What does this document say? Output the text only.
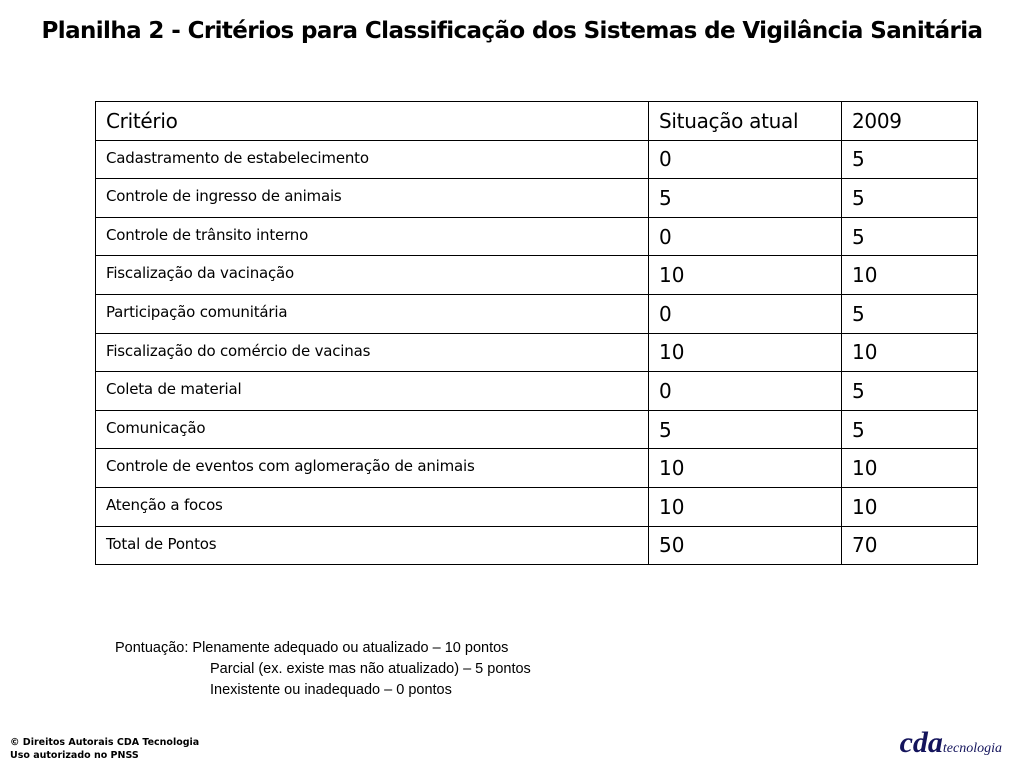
Planilha 2 - Critérios para Classificação dos Sistemas de Vigilância Sanitária
Critério	Situação atual	2009
Cadastramento de estabelecimento	0	5
Controle de ingresso de animais	5	5
Controle de trânsito interno	0	5
Fiscalização da vacinação	10	10
Participação comunitária	0	5
Fiscalização do comércio de vacinas	10	10
Coleta de material	0	5
Comunicação	5	5
Controle de eventos com aglomeração de animais	10	10
Atenção a focos	10	10
Total de Pontos	50	70
Pontuação: Plenamente adequado ou atualizado – 10 pontos
Parcial (ex. existe mas não atualizado) – 5 pontos
Inexistente ou inadequado – 0 pontos
© Direitos Autorais CDA Tecnologia
Uso autorizado no PNSS	cdatecnologia
